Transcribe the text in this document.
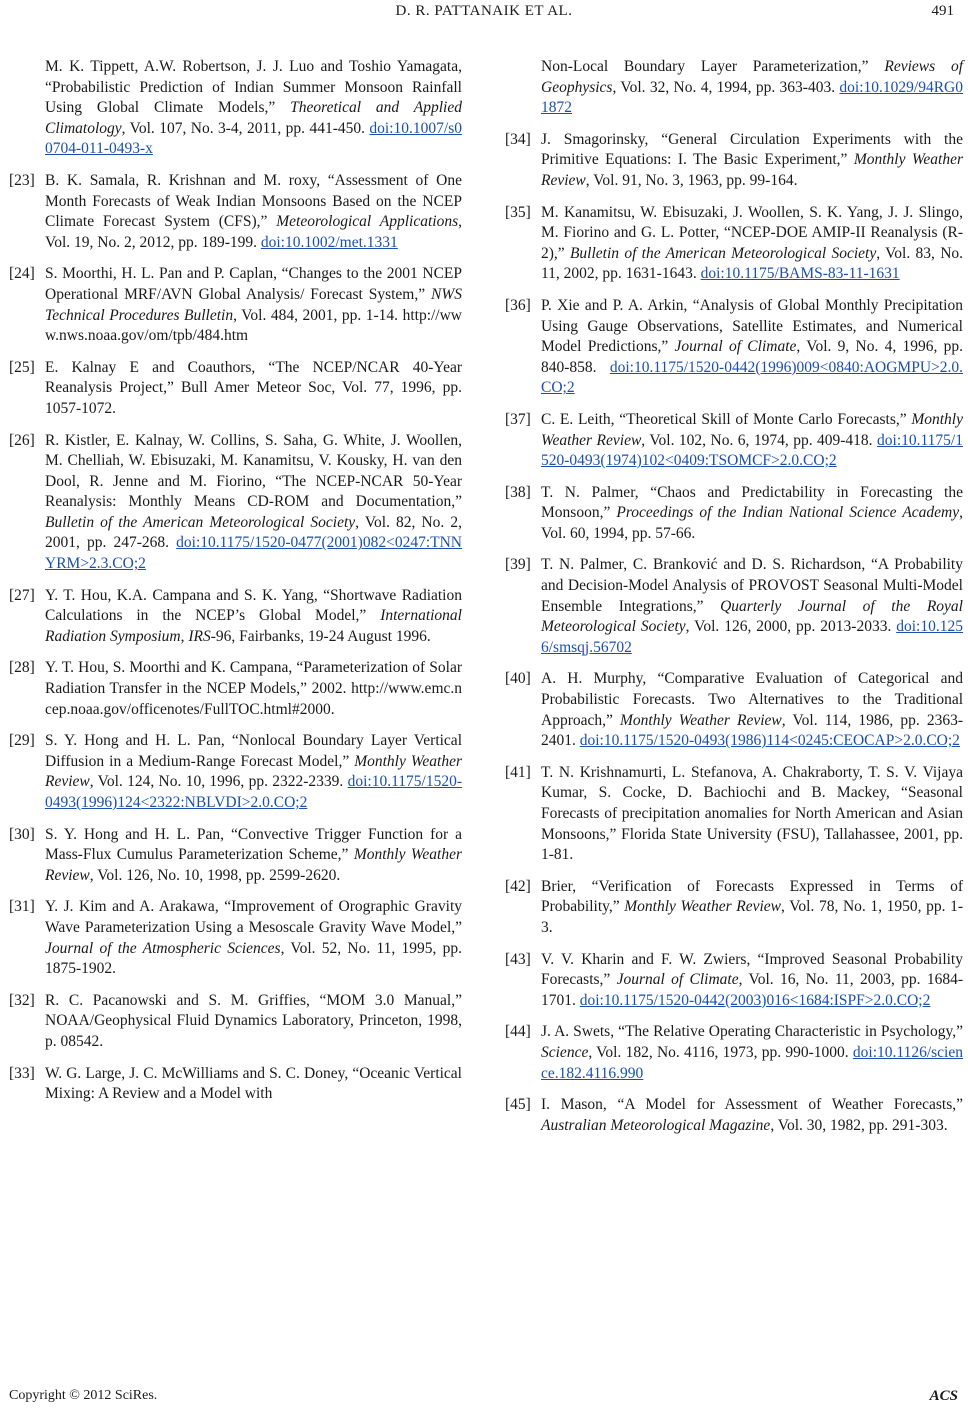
D. R. PATTANAIK ET AL.	491
M. K. Tippett, A.W. Robertson, J. J. Luo and Toshio Yamagata, “Probabilistic Prediction of Indian Summer Monsoon Rainfall Using Global Climate Models,” Theoretical and Applied Climatology, Vol. 107, No. 3-4, 2011, pp. 441-450. doi:10.1007/s00704-011-0493-x
[23] B. K. Samala, R. Krishnan and M. roxy, “Assessment of One Month Forecasts of Weak Indian Monsoons Based on the NCEP Climate Forecast System (CFS),” Meteorological Applications, Vol. 19, No. 2, 2012, pp. 189-199. doi:10.1002/met.1331
[24] S. Moorthi, H. L. Pan and P. Caplan, “Changes to the 2001 NCEP Operational MRF/AVN Global Analysis/ Forecast System,” NWS Technical Procedures Bulletin, Vol. 484, 2001, pp. 1-14. http://www.nws.noaa.gov/om/tpb/484.htm
[25] E. Kalnay E and Coauthors, “The NCEP/NCAR 40-Year Reanalysis Project,” Bull Amer Meteor Soc, Vol. 77, 1996, pp. 1057-1072.
[26] R. Kistler, E. Kalnay, W. Collins, S. Saha, G. White, J. Woollen, M. Chelliah, W. Ebisuzaki, M. Kanamitsu, V. Kousky, H. van den Dool, R. Jenne and M. Fiorino, “The NCEP-NCAR 50-Year Reanalysis: Monthly Means CD-ROM and Documentation,” Bulletin of the American Meteorological Society, Vol. 82, No. 2, 2001, pp. 247-268. doi:10.1175/1520-0477(2001)082<0247:TNNYRM>2.3.CO;2
[27] Y. T. Hou, K.A. Campana and S. K. Yang, “Shortwave Radiation Calculations in the NCEP’s Global Model,” International Radiation Symposium, IRS-96, Fairbanks, 19-24 August 1996.
[28] Y. T. Hou, S. Moorthi and K. Campana, “Parameterization of Solar Radiation Transfer in the NCEP Models,” 2002. http://www.emc.ncep.noaa.gov/officenotes/FullTOC.html#2000.
[29] S. Y. Hong and H. L. Pan, “Nonlocal Boundary Layer Vertical Diffusion in a Medium-Range Forecast Model,” Monthly Weather Review, Vol. 124, No. 10, 1996, pp. 2322-2339. doi:10.1175/1520-0493(1996)124<2322:NBLVDI>2.0.CO;2
[30] S. Y. Hong and H. L. Pan, “Convective Trigger Function for a Mass-Flux Cumulus Parameterization Scheme,” Monthly Weather Review, Vol. 126, No. 10, 1998, pp. 2599-2620.
[31] Y. J. Kim and A. Arakawa, “Improvement of Orographic Gravity Wave Parameterization Using a Mesoscale Gravity Wave Model,” Journal of the Atmospheric Sciences, Vol. 52, No. 11, 1995, pp. 1875-1902.
[32] R. C. Pacanowski and S. M. Griffies, “MOM 3.0 Manual,” NOAA/Geophysical Fluid Dynamics Laboratory, Princeton, 1998, p. 08542.
[33] W. G. Large, J. C. McWilliams and S. C. Doney, “Oceanic Vertical Mixing: A Review and a Model with
Non-Local Boundary Layer Parameterization,” Reviews of Geophysics, Vol. 32, No. 4, 1994, pp. 363-403. doi:10.1029/94RG01872
[34] J. Smagorinsky, “General Circulation Experiments with the Primitive Equations: I. The Basic Experiment,” Monthly Weather Review, Vol. 91, No. 3, 1963, pp. 99-164.
[35] M. Kanamitsu, W. Ebisuzaki, J. Woollen, S. K. Yang, J. J. Slingo, M. Fiorino and G. L. Potter, “NCEP-DOE AMIP-II Reanalysis (R-2),” Bulletin of the American Meteorological Society, Vol. 83, No. 11, 2002, pp. 1631-1643. doi:10.1175/BAMS-83-11-1631
[36] P. Xie and P. A. Arkin, “Analysis of Global Monthly Precipitation Using Gauge Observations, Satellite Estimates, and Numerical Model Predictions,” Journal of Climate, Vol. 9, No. 4, 1996, pp. 840-858. doi:10.1175/1520-0442(1996)009<0840:AOGMPU>2.0.CO;2
[37] C. E. Leith, “Theoretical Skill of Monte Carlo Forecasts,” Monthly Weather Review, Vol. 102, No. 6, 1974, pp. 409-418. doi:10.1175/1520-0493(1974)102<0409:TSOMCF>2.0.CO;2
[38] T. N. Palmer, “Chaos and Predictability in Forecasting the Monsoon,” Proceedings of the Indian National Science Academy, Vol. 60, 1994, pp. 57-66.
[39] T. N. Palmer, C. Branković and D. S. Richardson, “A Probability and Decision-Model Analysis of PROVOST Seasonal Multi-Model Ensemble Integrations,” Quarterly Journal of the Royal Meteorological Society, Vol. 126, 2000, pp. 2013-2033. doi:10.1256/smsqj.56702
[40] A. H. Murphy, “Comparative Evaluation of Categorical and Probabilistic Forecasts. Two Alternatives to the Traditional Approach,” Monthly Weather Review, Vol. 114, 1986, pp. 2363-2401. doi:10.1175/1520-0493(1986)114<0245:CEOCAP>2.0.CO;2
[41] T. N. Krishnamurti, L. Stefanova, A. Chakraborty, T. S. V. Vijaya Kumar, S. Cocke, D. Bachiochi and B. Mackey, “Seasonal Forecasts of precipitation anomalies for North American and Asian Monsoons,” Florida State University (FSU), Tallahassee, 2001, pp. 1-81.
[42] Brier, “Verification of Forecasts Expressed in Terms of Probability,” Monthly Weather Review, Vol. 78, No. 1, 1950, pp. 1-3.
[43] V. V. Kharin and F. W. Zwiers, “Improved Seasonal Probability Forecasts,” Journal of Climate, Vol. 16, No. 11, 2003, pp. 1684-1701. doi:10.1175/1520-0442(2003)016<1684:ISPF>2.0.CO;2
[44] J. A. Swets, “The Relative Operating Characteristic in Psychology,” Science, Vol. 182, No. 4116, 1973, pp. 990-1000. doi:10.1126/science.182.4116.990
[45] I. Mason, “A Model for Assessment of Weather Forecasts,” Australian Meteorological Magazine, Vol. 30, 1982, pp. 291-303.
Copyright © 2012 SciRes.	ACS
